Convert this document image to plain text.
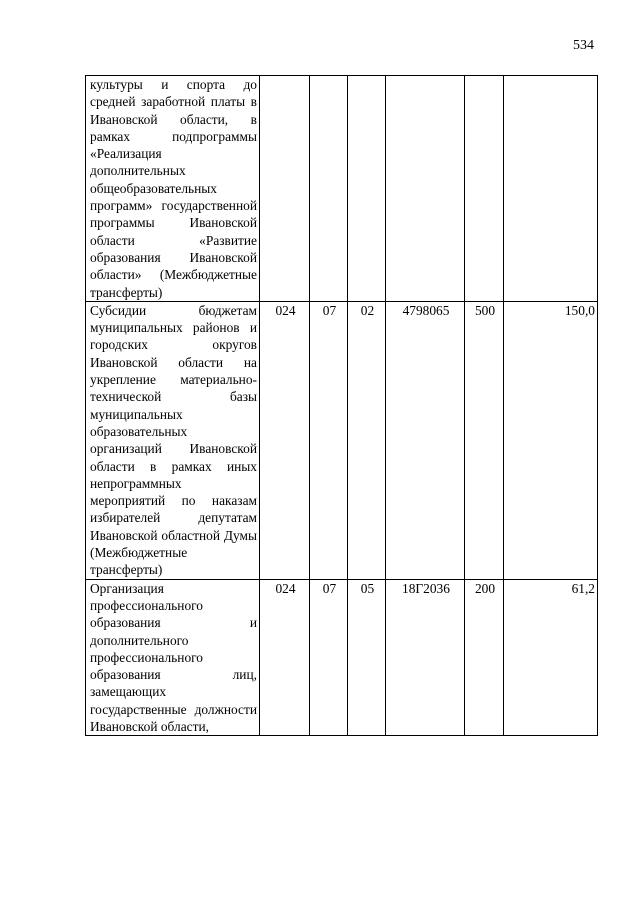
534
культуры и спорта до средней заработной платы в Ивановской области, в рамках подпрограммы «Реализация дополнительных общеобразовательных программ» государственной программы Ивановской области «Развитие образования Ивановской области» (Межбюджетные трансферты)						
Субсидии бюджетам муниципальных районов и городских округов Ивановской области на укрепление материально-технической базы муниципальных образовательных организаций Ивановской области в рамках иных непрограммных мероприятий по наказам избирателей депутатам Ивановской областной Думы (Межбюджетные трансферты)	024	07	02	4798065	500	150,0
Организация профессионального образования и дополнительного профессионального образования лиц, замещающих государственные должности Ивановской области,	024	07	05	18Г2036	200	61,2
